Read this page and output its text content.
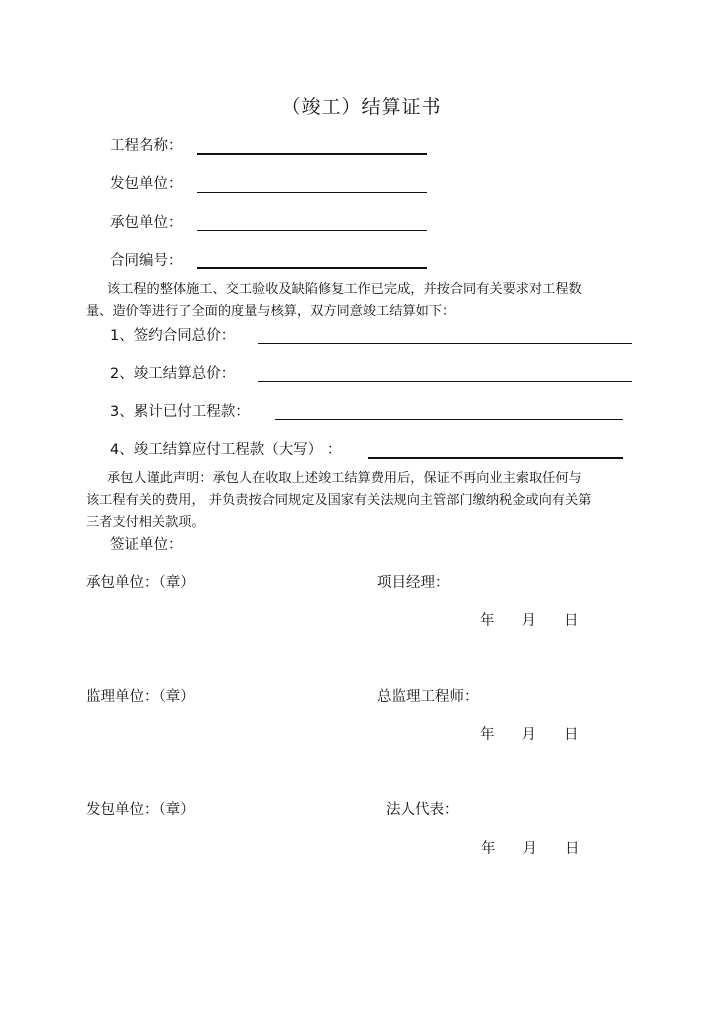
（竣工）结算证书
工程名称：
发包单位：
承包单位：
合同编号：
该工程的整体施工、交工验收及缺陷修复工作已完成，并按合同有关要求对工程数
量、造价等进行了全面的度量与核算，双方同意竣工结算如下：
1、签约合同总价：
2、竣工结算总价：
3、累计已付工程款：
4、竣工结算应付工程款（大写） ：
承包人谨此声明：承包人在收取上述竣工结算费用后，保证不再向业主索取任何与
该工程有关的费用， 并负责按合同规定及国家有关法规向主管部门缴纳税金或向有关第
三者支付相关款项。
签证单位：
承包单位：（章）	项目经理：
年 月 日
监理单位：（章）	总监理工程师：
年 月 日
发包单位：（章）	法人代表：
年 月 日
